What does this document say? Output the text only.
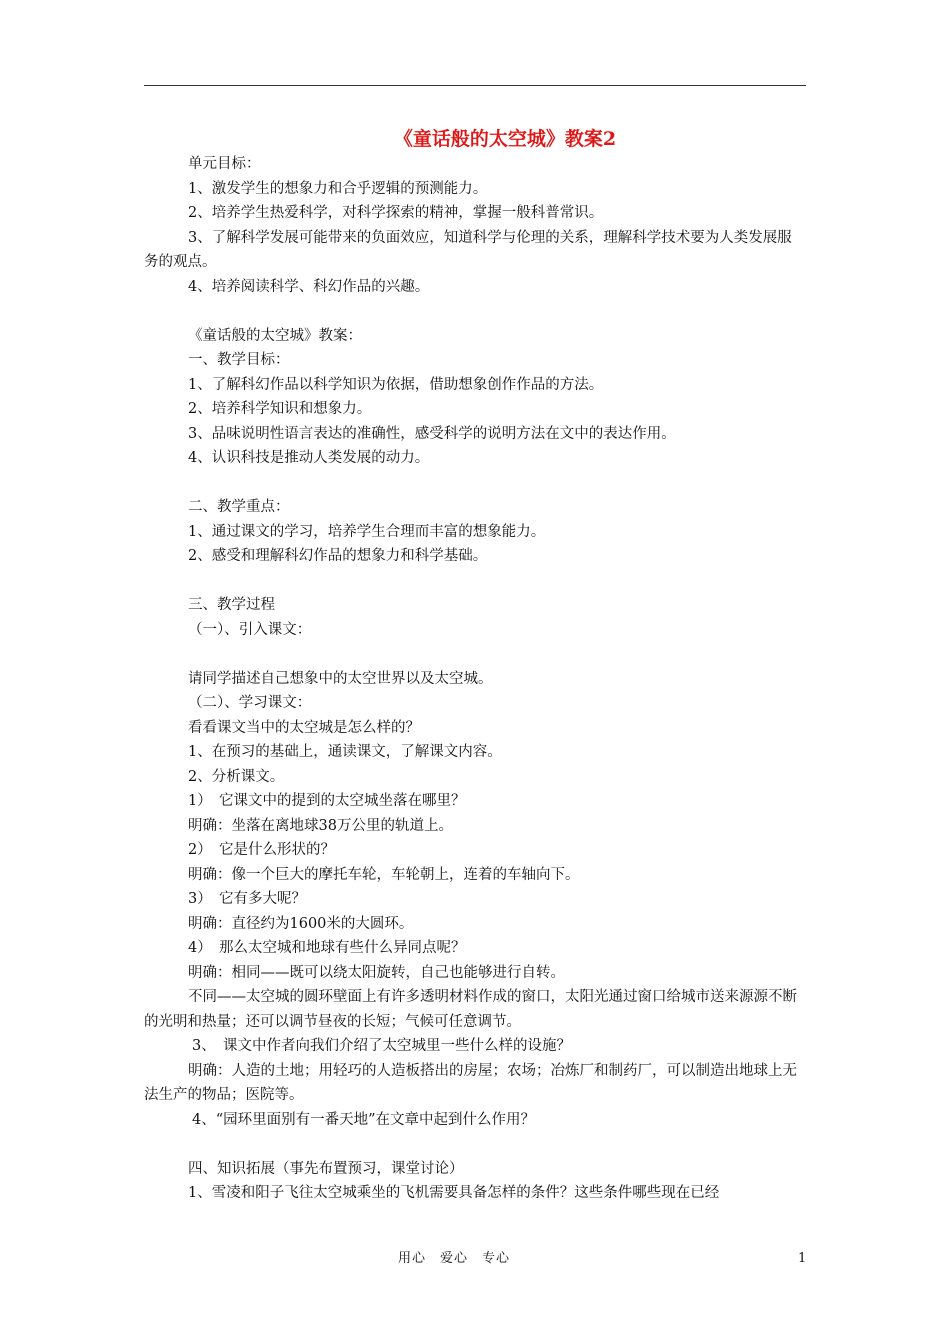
《童话般的太空城》教案2

单元目标：

1、激发学生的想象力和合乎逻辑的预测能力。

2、培养学生热爱科学，对科学探索的精神，掌握一般科普常识。

3、了解科学发展可能带来的负面效应，知道科学与伦理的关系，理解科学技术要为人类发展服务的观点。

4、培养阅读科学、科幻作品的兴趣。

《童话般的太空城》教案：

一、教学目标：

1、了解科幻作品以科学知识为依据，借助想象创作作品的方法。

2、培养科学知识和想象力。

3、品味说明性语言表达的准确性，感受科学的说明方法在文中的表达作用。

4、认识科技是推动人类发展的动力。

二、教学重点：

1、通过课文的学习，培养学生合理而丰富的想象能力。

2、感受和理解科幻作品的想象力和科学基础。

三、教学过程

（一）、引入课文：

请同学描述自己想象中的太空世界以及太空城。

（二）、学习课文：

看看课文当中的太空城是怎么样的？

1、在预习的基础上，通读课文，了解课文内容。

2、分析课文。

1）　它课文中的提到的太空城坐落在哪里？

明确：坐落在离地球38万公里的轨道上。

2）　它是什么形状的？

明确：像一个巨大的摩托车轮，车轮朝上，连着的车轴向下。

3）　它有多大呢？

明确：直径约为1600米的大圆环。

4）　那么太空城和地球有些什么异同点呢？

明确：相同——既可以绕太阳旋转，自己也能够进行自转。

不同——太空城的圆环壁面上有许多透明材料作成的窗口，太阳光通过窗口给城市送来源源不断的光明和热量；还可以调节昼夜的长短；气候可任意调节。

3、　课文中作者向我们介绍了太空城里一些什么样的设施？

明确：人造的土地；用轻巧的人造板搭出的房屋；农场；冶炼厂和制药厂，可以制造出地球上无法生产的物品；医院等。

4、“园环里面别有一番天地”在文章中起到什么作用？

四、知识拓展（事先布置预习，课堂讨论）

1、雪凌和阳子飞往太空城乘坐的飞机需要具备怎样的条件？这些条件哪些现在已经

用心　爱心　专心	1
